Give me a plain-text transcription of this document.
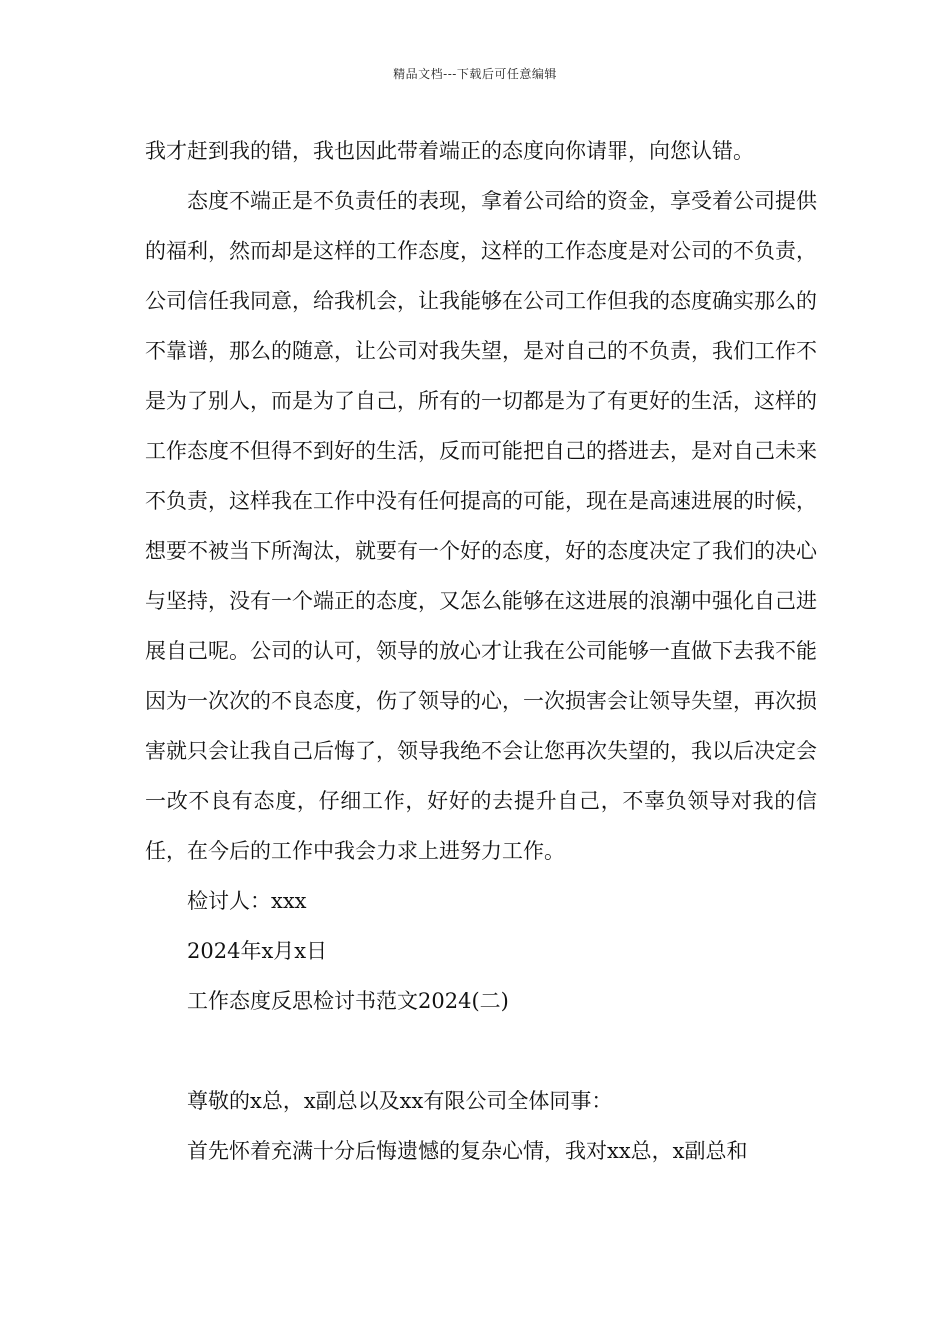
精品文档---下载后可任意编辑

我才赶到我的错，我也因此带着端正的态度向你请罪，向您认错。

态度不端正是不负责任的表现，拿着公司给的资金，享受着公司提供的福利，然而却是这样的工作态度，这样的工作态度是对公司的不负责，公司信任我同意，给我机会，让我能够在公司工作但我的态度确实那么的不靠谱，那么的随意，让公司对我失望，是对自己的不负责，我们工作不是为了别人，而是为了自己，所有的一切都是为了有更好的生活，这样的工作态度不但得不到好的生活，反而可能把自己的搭进去，是对自己未来不负责，这样我在工作中没有任何提高的可能，现在是高速进展的时候，想要不被当下所淘汰，就要有一个好的态度，好的态度决定了我们的决心与坚持，没有一个端正的态度，又怎么能够在这进展的浪潮中强化自己进展自己呢。公司的认可，领导的放心才让我在公司能够一直做下去我不能因为一次次的不良态度，伤了领导的心，一次损害会让领导失望，再次损害就只会让我自己后悔了，领导我绝不会让您再次失望的，我以后决定会一改不良有态度，仔细工作，好好的去提升自己，不辜负领导对我的信任，在今后的工作中我会力求上进努力工作。

检讨人：xxx

2024年x月x日

工作态度反思检讨书范文2024(二)

尊敬的x总，x副总以及xx有限公司全体同事：

首先怀着充满十分后悔遗憾的复杂心情，我对xx总，x副总和
